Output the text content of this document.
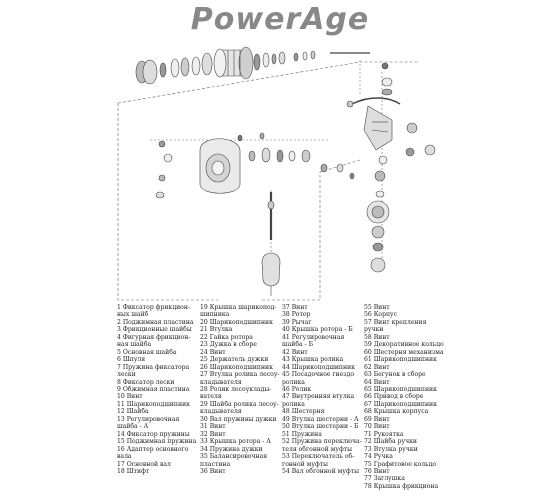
PowerAge
1 Фиксатор фрикцион-
ных шайб
2 Поджимная пластина
3 Фрикционные шайбы
4 Фигурная фрикцион-
ная шайба
5 Основная шайба
6 Шпуля
7 Пружина фиксатора
лески
8 Фиксатор лески
9 Обжимная пластина
10 Винт
11 Шарикоподшипник
12 Шайба
13 Регулировочная
шайба - А
14 Фиксатор пружины
15 Поджимная пружина
16 Адаптер основного
вала
17 Основной вал
18 Штифт
19 Крышка шарикопод-
шипника
20 Шарикоподшипник
21 Втулка
22 Гайка ротора
23 Дужка в сборе
24 Винт
25 Держатель дужки
26 Шарикоподшипник
27 Втулка ролика лесоу-
кладывателя
28 Ролик лесоуклады-
вателя
29 Шайба ролика лесоу-
кладывателя
30 Вал пружины дужки
31 Винт
32 Винт
33 Крышка ротора - А
34 Пружина дужки
35 Балансировочная
пластина
36 Винт
37 Винт
38 Ротор
39 Рычаг
40 Крышка ротора - Б
41 Регулировочная
шайба - Б
42 Винт
43 Крышка ролика
44 Шарикоподшипник
45 Посадочное гнездо
ролика
46 Ролик
47 Внутренняя втулка
ролика
48 Шестерня
49 Втулка шестерни - А
50 Втулка шестерни - Б
51 Пружина
52 Пружина переключа-
теля обгонной муфты
53 Переключатель об-
гонной муфты
54 Вал обгонной муфты
55 Винт
56 Корпус
57 Винт крепления
ручки
58 Винт
59 Декоративное кольцо
60 Шестерня механизма
61 Шарикоподшипник
62 Винт
63 Бегунок в сборе
64 Винт
65 Шарикоподшипник
66 Привод в сборе
67 Шарикоподшипник
68 Крышка корпуса
69 Винт
70 Винт
71 Рукоятка
72 Шайба ручки
73 Втулка ручки
74 Ручка
75 Графитовое кольцо
76 Винт
77 Заглушка
78 Крышка фрикциона
